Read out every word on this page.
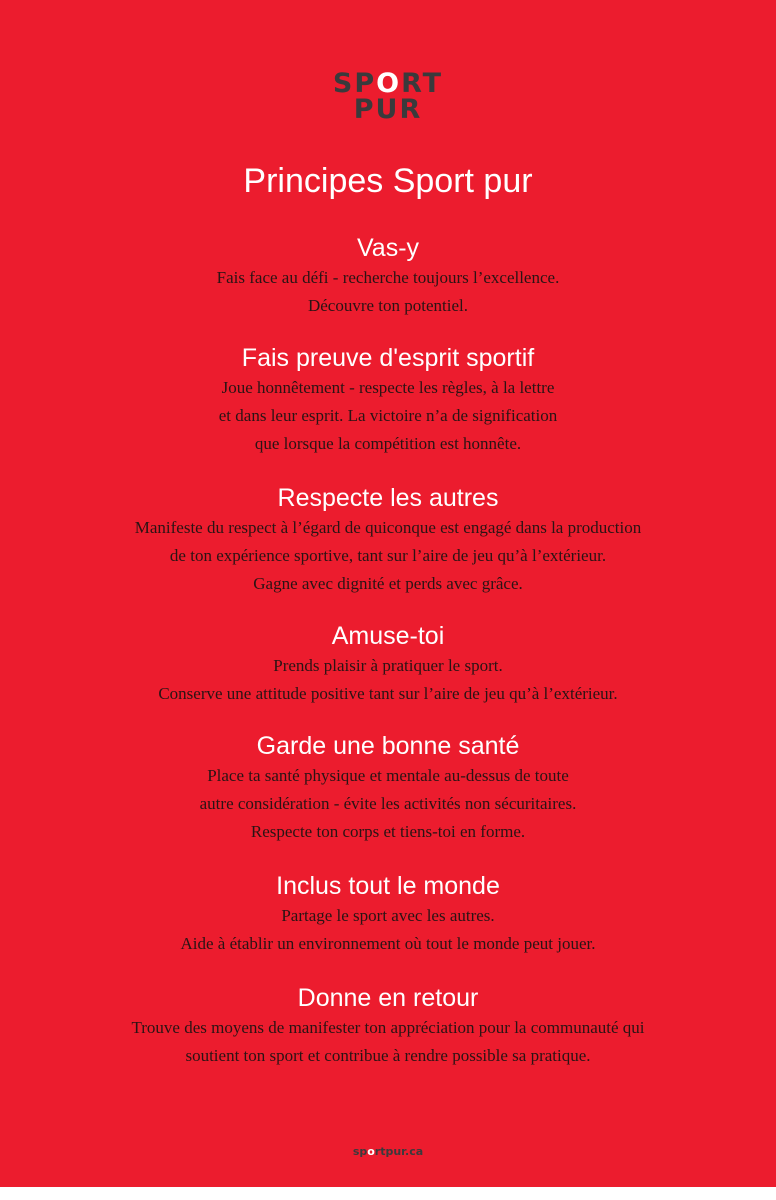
SPORT
PUR
Principes Sport pur

Vas-y

Fais face au défi - recherche toujours l’excellence.

Découvre ton potentiel.

Fais preuve d'esprit sportif

Joue honnêtement - respecte les règles, à la lettre

et dans leur esprit. La victoire n’a de signification

que lorsque la compétition est honnête.

Respecte les autres

Manifeste du respect à l’égard de quiconque est engagé dans la production

de ton expérience sportive, tant sur l’aire de jeu qu’à l’extérieur.

Gagne avec dignité et perds avec grâce.

Amuse-toi

Prends plaisir à pratiquer le sport.

Conserve une attitude positive tant sur l’aire de jeu qu’à l’extérieur.

Garde une bonne santé

Place ta santé physique et mentale au-dessus de toute

autre considération - évite les activités non sécuritaires.

Respecte ton corps et tiens-toi en forme.

Inclus tout le monde

Partage le sport avec les autres.

Aide à établir un environnement où tout le monde peut jouer.

Donne en retour

Trouve des moyens de manifester ton appréciation pour la communauté qui

soutient ton sport et contribue à rendre possible sa pratique.

sportpur.ca
